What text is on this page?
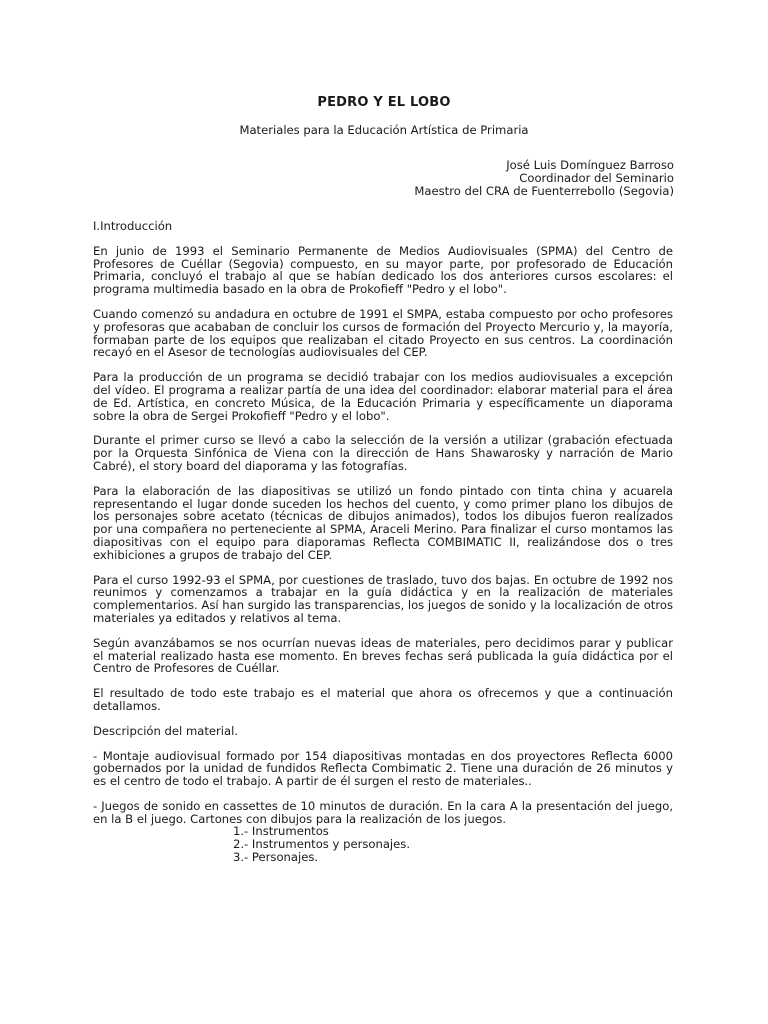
PEDRO Y EL LOBO
Materiales para la Educación Artística de Primaria
José Luis Domínguez Barroso
Coordinador del Seminario
Maestro del CRA de Fuenterrebollo (Segovia)

I.Introducción

En junio de 1993 el Seminario Permanente de Medios Audiovisuales (SPMA) del Centro de Profesores de Cuéllar (Segovia) compuesto, en su mayor parte, por profesorado de Educación Primaria, concluyó el trabajo al que se habían dedicado los dos anteriores cursos escolares: el programa multimedia basado en la obra de Prokofieff "Pedro y el lobo".

Cuando comenzó su andadura en octubre de 1991 el SMPA, estaba compuesto por ocho profesores y profesoras que acababan de concluir los cursos de formación del Proyecto Mercurio y, la mayoría, formaban parte de los equipos que realizaban el citado Proyecto en sus centros. La coordinación recayó en el Asesor de tecnologías audiovisuales del CEP.

Para la producción de un programa se decidió trabajar con los medios audiovisuales a excepción del vídeo. El programa a realizar partía de una idea del coordinador: elaborar material para el área de Ed. Artística, en concreto Música, de la Educación Primaria y específicamente un diaporama sobre la obra de Sergei Prokofieff "Pedro y el lobo".

Durante el primer curso se llevó a cabo la selección de la versión a utilizar (grabación efectuada por la Orquesta Sinfónica de Viena con la dirección de Hans Shawarosky y narración de Mario Cabré), el story board del diaporama y las fotografías.

Para la elaboración de las diapositivas se utilizó un fondo pintado con tinta china y acuarela representando el lugar donde suceden los hechos del cuento, y como primer plano los dibujos de los personajes sobre acetato (técnicas de dibujos animados), todos los dibujos fueron realizados por una compañera no perteneciente al SPMA, Araceli Merino. Para finalizar el curso montamos las diapositivas con el equipo para diaporamas Reflecta COMBIMATIC II, realizándose dos o tres exhibiciones a grupos de trabajo del CEP.

Para el curso 1992-93 el SPMA, por cuestiones de traslado, tuvo dos bajas. En octubre de 1992 nos reunimos y comenzamos a trabajar en la guía didáctica y en la realización de materiales complementarios. Así han surgido las transparencias, los juegos de sonido y la localización de otros materiales ya editados y relativos al tema.

Según avanzábamos se nos ocurrían nuevas ideas de materiales, pero decidimos parar y publicar el material realizado hasta ese momento. En breves fechas será publicada la guía didáctica por el Centro de Profesores de Cuéllar.

El resultado de todo este trabajo es el material que ahora os ofrecemos y que a continuación detallamos.

Descripción del material.

- Montaje audiovisual formado por 154 diapositivas montadas en dos proyectores Reflecta 6000 gobernados por la unidad de fundidos Reflecta Combimatic 2. Tiene una duración de 26 minutos y es el centro de todo el trabajo. A partir de él surgen el resto de materiales..

- Juegos de sonido en cassettes de 10 minutos de duración. En la cara A la presentación del juego, en la B el juego. Cartones con dibujos para la realización de los juegos.

1.- Instrumentos
2.- Instrumentos y personajes.
3.- Personajes.
